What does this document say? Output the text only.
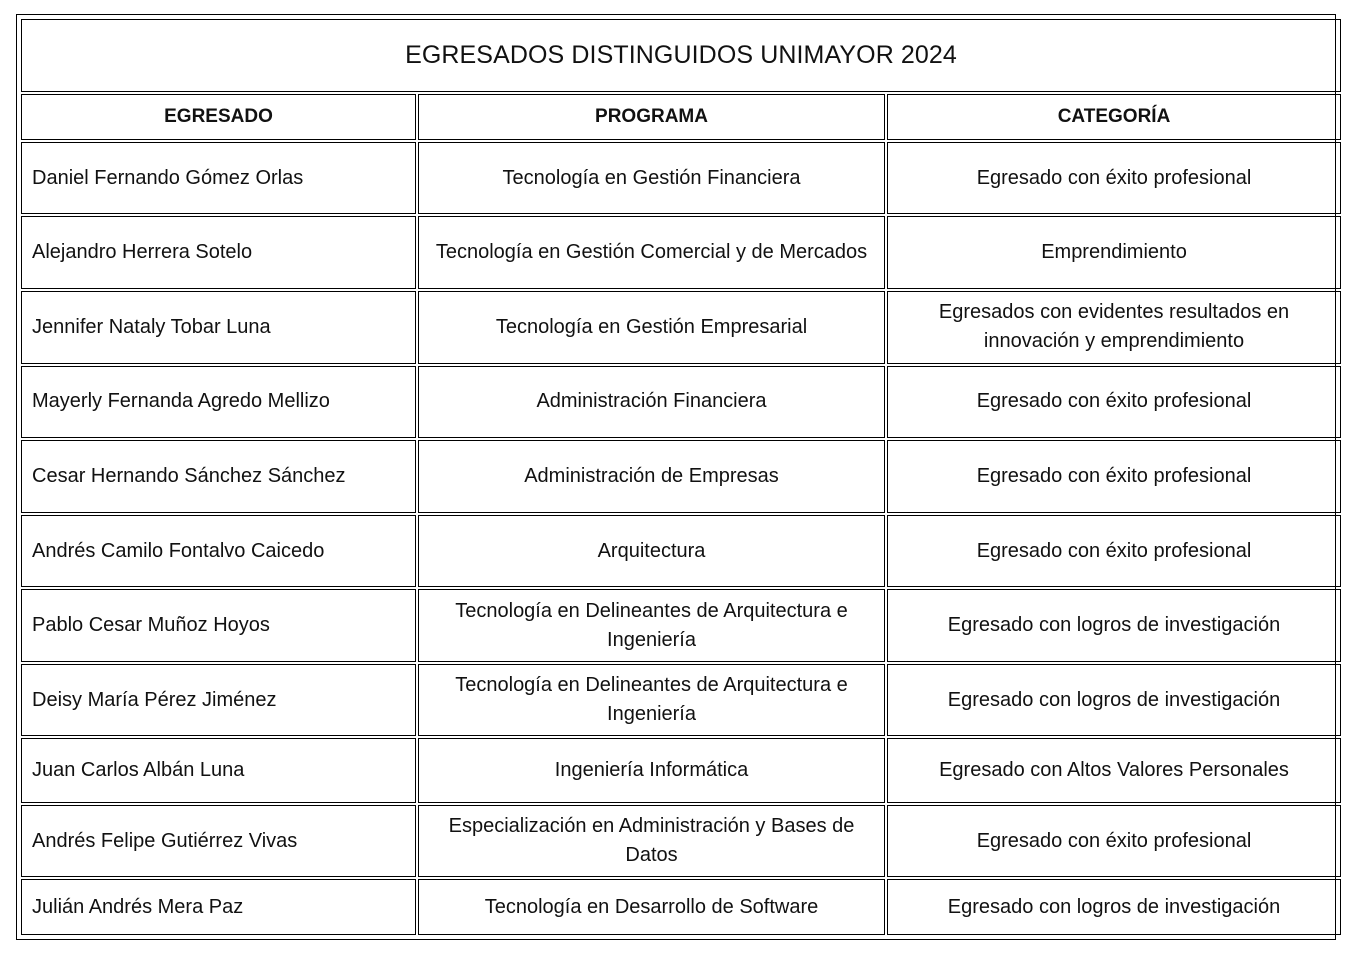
EGRESADOS DISTINGUIDOS UNIMAYOR 2024		
EGRESADO	PROGRAMA	CATEGORÍA
Daniel Fernando Gómez Orlas	Tecnología en Gestión Financiera	Egresado con éxito profesional
Alejandro Herrera Sotelo	Tecnología en Gestión Comercial y de Mercados	Emprendimiento
Jennifer Nataly Tobar Luna	Tecnología en Gestión Empresarial	Egresados con evidentes resultados en innovación y emprendimiento
Mayerly Fernanda Agredo Mellizo	Administración Financiera	Egresado con éxito profesional
Cesar Hernando Sánchez Sánchez	Administración de Empresas	Egresado con éxito profesional
Andrés Camilo Fontalvo Caicedo	Arquitectura	Egresado con éxito profesional
Pablo Cesar Muñoz Hoyos	Tecnología en Delineantes de Arquitectura e Ingeniería	Egresado con logros de investigación
Deisy María Pérez Jiménez	Tecnología en Delineantes de Arquitectura e Ingeniería	Egresado con logros de investigación
Juan Carlos Albán Luna	Ingeniería Informática	Egresado con Altos Valores Personales
Andrés Felipe Gutiérrez Vivas	Especialización en Administración y Bases de Datos	Egresado con éxito profesional
Julián Andrés Mera Paz	Tecnología en Desarrollo de Software	Egresado con logros de investigación
